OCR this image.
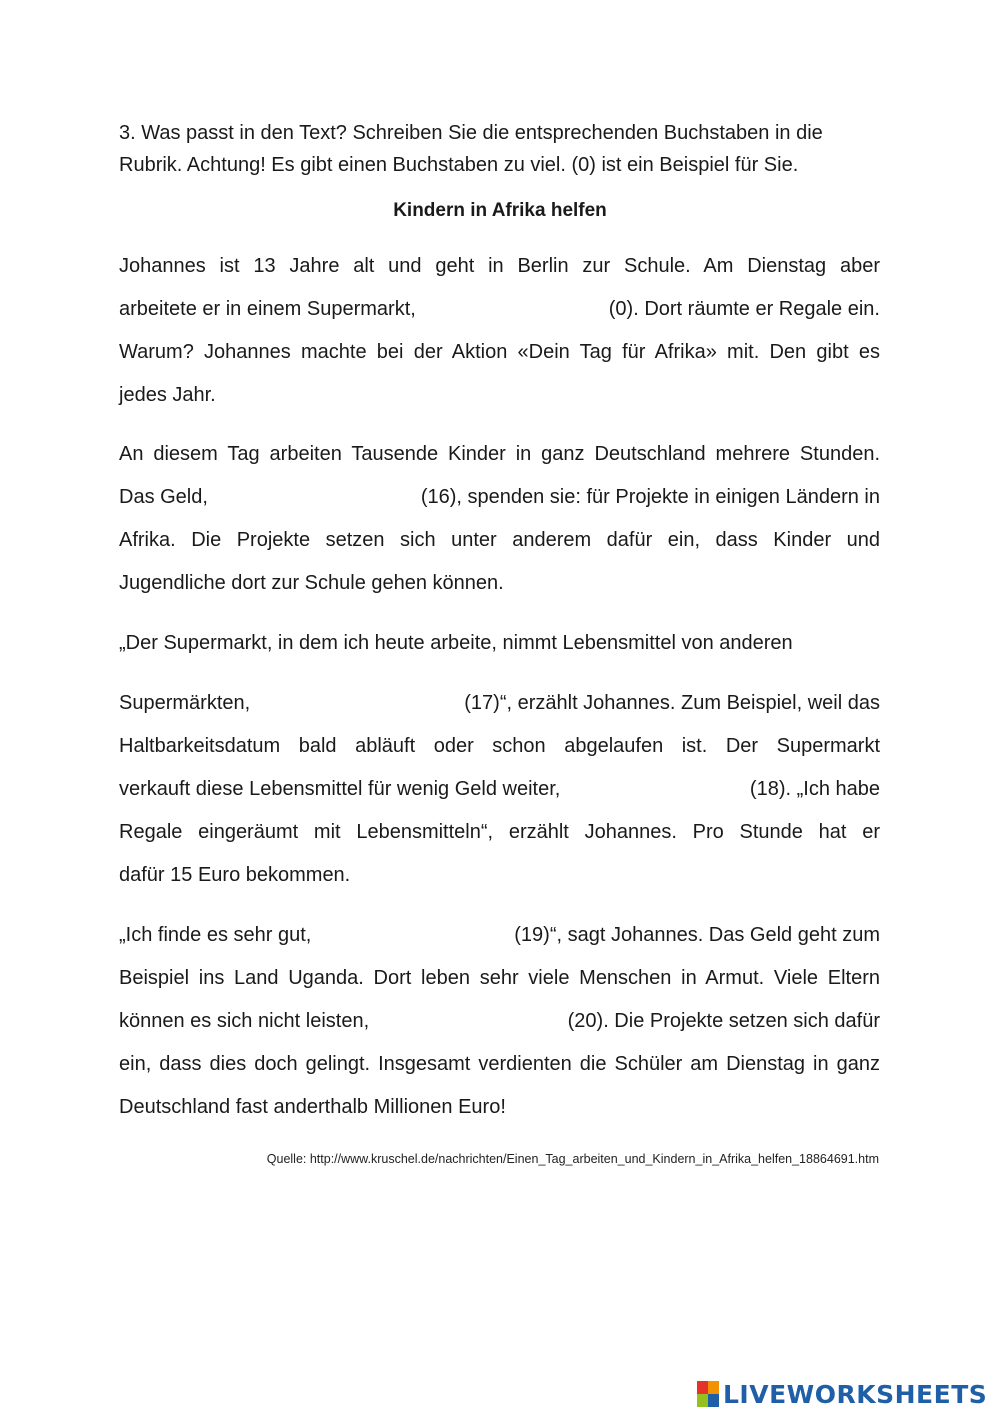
3. Was passt in den Text? Schreiben Sie die entsprechenden Buchstaben in die
Rubrik. Achtung! Es gibt einen Buchstaben zu viel. (0) ist ein Beispiel für Sie.
Kindern in Afrika helfen
Johannes ist 13 Jahre alt und geht in Berlin zur Schule. Am Dienstag aber
arbeitete er in einem Supermarkt,	(0). Dort räumte er Regale ein.
Warum? Johannes machte bei der Aktion «Dein Tag für Afrika» mit. Den gibt es
jedes Jahr.
An diesem Tag arbeiten Tausende Kinder in ganz Deutschland mehrere Stunden.
Das Geld,	(16), spenden sie: für Projekte in einigen Ländern in
Afrika. Die Projekte setzen sich unter anderem dafür ein, dass Kinder und
Jugendliche dort zur Schule gehen können.
„Der Supermarkt, in dem ich heute arbeite, nimmt Lebensmittel von anderen
Supermärkten,	(17)“, erzählt Johannes. Zum Beispiel, weil das
Haltbarkeitsdatum bald abläuft oder schon abgelaufen ist. Der Supermarkt
verkauft diese Lebensmittel für wenig Geld weiter,	(18). „Ich habe
Regale eingeräumt mit Lebensmitteln“, erzählt Johannes. Pro Stunde hat er
dafür 15 Euro bekommen.
„Ich finde es sehr gut,	(19)“, sagt Johannes. Das Geld geht zum
Beispiel ins Land Uganda. Dort leben sehr viele Menschen in Armut. Viele Eltern
können es sich nicht leisten,	(20). Die Projekte setzen sich dafür
ein, dass dies doch gelingt. Insgesamt verdienten die Schüler am Dienstag in ganz
Deutschland fast anderthalb Millionen Euro!
Quelle: http://www.kruschel.de/nachrichten/Einen_Tag_arbeiten_und_Kindern_in_Afrika_helfen_18864691.htm
LIVEWORKSHEETS
